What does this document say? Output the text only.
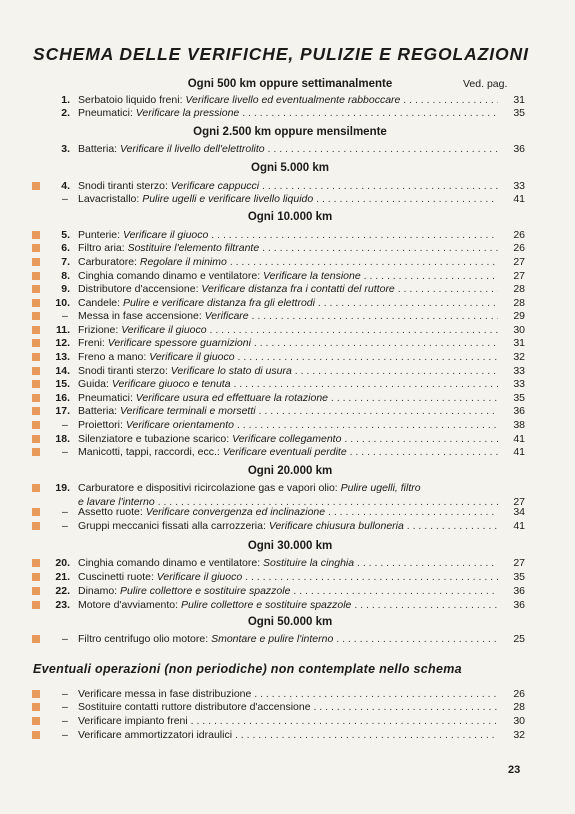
SCHEMA DELLE VERIFICHE, PULIZIE E REGOLAZIONI
Ved. pag.
Ogni 500 km oppure settimanalmente
Ogni 2.500 km oppure mensilmente
Ogni 5.000 km
Ogni 10.000 km
Ogni 20.000 km
Ogni 30.000 km
Ogni 50.000 km
1. Serbatoio liquido freni: Verificare livello ed eventualmente rabboccare . . .	31
2. Pneumatici: Verificare la pressione . . .	35
3. Batteria: Verificare il livello dell'elettrolito . . .	36
4. Snodi tiranti sterzo: Verificare cappucci . . .	33
– Lavacristallo: Pulire ugelli e verificare livello liquido . . .	41
5. Punterie: Verificare il giuoco . . .	26
6. Filtro aria: Sostituire l'elemento filtrante . . .	26
7. Carburatore: Regolare il minimo . . .	27
8. Cinghia comando dinamo e ventilatore: Verificare la tensione . . .	27
9. Distributore d'accensione: Verificare distanza fra i contatti del ruttore . . .	28
10. Candele: Pulire e verificare distanza fra gli elettrodi . . .	28
– Messa in fase accensione: Verificare . . .	29
11. Frizione: Verificare il giuoco . . .	30
12. Freni: Verificare spessore guarnizioni . . .	31
13. Freno a mano: Verificare il giuoco . . .	32
14. Snodi tiranti sterzo: Verificare lo stato di usura . . .	33
15. Guida: Verificare giuoco e tenuta . . .	33
16. Pneumatici: Verificare usura ed effettuare la rotazione . . .	35
17. Batteria: Verificare terminali e morsetti . . .	36
– Proiettori: Verificare orientamento . . .	38
18. Silenziatore e tubazione scarico: Verificare collegamento . . .	41
– Manicotti, tappi, raccordi, ecc.: Verificare eventuali perdite . . .	41
19. Carburatore e dispositivi ricircolazione gas e vapori olio: Pulire ugelli, filtro
e lavare l'interno . . .	27
– Assetto ruote: Verificare convergenza ed inclinazione . . .	34
– Gruppi meccanici fissati alla carrozzeria: Verificare chiusura bulloneria . . .	41
20. Cinghia comando dinamo e ventilatore: Sostituire la cinghia . . .	27
21. Cuscinetti ruote: Verificare il giuoco . . .	35
22. Dinamo: Pulire collettore e sostituire spazzole . . .	36
23. Motore d'avviamento: Pulire collettore e sostituire spazzole . . .	36
– Filtro centrifugo olio motore: Smontare e pulire l'interno . . .	25
Eventuali operazioni (non periodiche) non contemplate nello schema
– Verificare messa in fase distribuzione . . .	26
– Sostituire contatti ruttore distributore d'accensione . . .	28
– Verificare impianto freni . . .	30
– Verificare ammortizzatori idraulici . . .	32
23
